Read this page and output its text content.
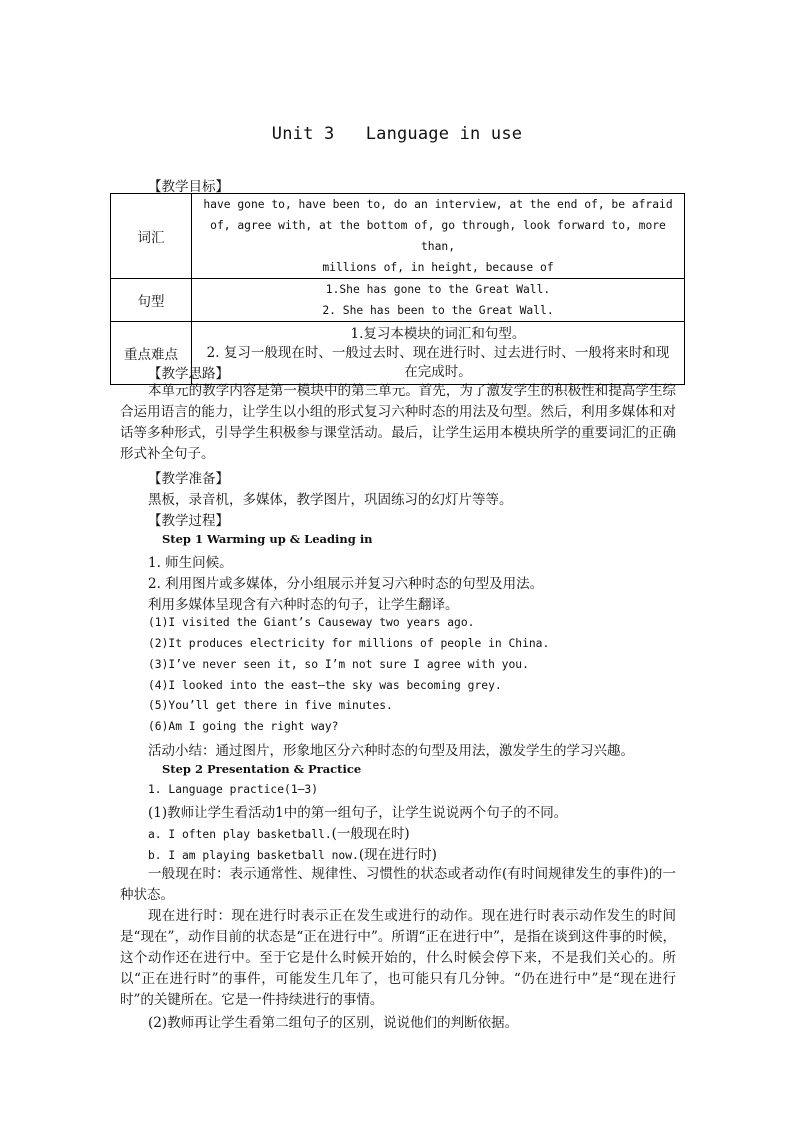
Unit 3   Language in use
【教学目标】
词汇	have gone to, have been to, do an interview, at the end of, be afraid
of, agree with, at the bottom of, go through, look forward to, more than,
millions of, in height, because of

句型	1.She has gone to the Great Wall.
2. She has been to the Great Wall.

重点难点	1.复习本模块的词汇和句型。
2. 复习一般现在时、一般过去时、现在进行时、过去进行时、一般将来时和现
在完成时。
【教学思路】
本单元的教学内容是第一模块中的第三单元。首先，为了激发学生的积极性和提高学生综合运用语言的能力，让学生以小组的形式复习六种时态的用法及句型。然后，利用多媒体和对话等多种形式，引导学生积极参与课堂活动。最后，让学生运用本模块所学的重要词汇的正确形式补全句子。
【教学准备】
黑板，录音机，多媒体，教学图片，巩固练习的幻灯片等等。
【教学过程】
Step 1 Warming up & Leading in
1. 师生问候。
2. 利用图片或多媒体，分小组展示并复习六种时态的句型及用法。
利用多媒体呈现含有六种时态的句子，让学生翻译。
(1)I visited the Giant’s Causeway two years ago.
(2)It produces electricity for millions of people in China.
(3)I’ve never seen it, so I’m not sure I agree with you.
(4)I looked into the east—the sky was becoming grey.
(5)You’ll get there in five minutes.
(6)Am I going the right way?
活动小结：通过图片，形象地区分六种时态的句型及用法，激发学生的学习兴趣。
Step 2 Presentation & Practice
1. Language practice(1—3)
(1)教师让学生看活动1中的第一组句子，让学生说说两个句子的不同。
a. I often play basketball.(一般现在时)
b. I am playing basketball now.(现在进行时)
一般现在时：表示通常性、规律性、习惯性的状态或者动作(有时间规律发生的事件)的一种状态。
现在进行时：现在进行时表示正在发生或进行的动作。现在进行时表示动作发生的时间是“现在”，动作目前的状态是“正在进行中”。所谓“正在进行中”，是指在谈到这件事的时候，这个动作还在进行中。至于它是什么时候开始的，什么时候会停下来，不是我们关心的。所以“正在进行时”的事件，可能发生几年了，也可能只有几分钟。“仍在进行中”是“现在进行时”的关键所在。它是一件持续进行的事情。
(2)教师再让学生看第二组句子的区别，说说他们的判断依据。
